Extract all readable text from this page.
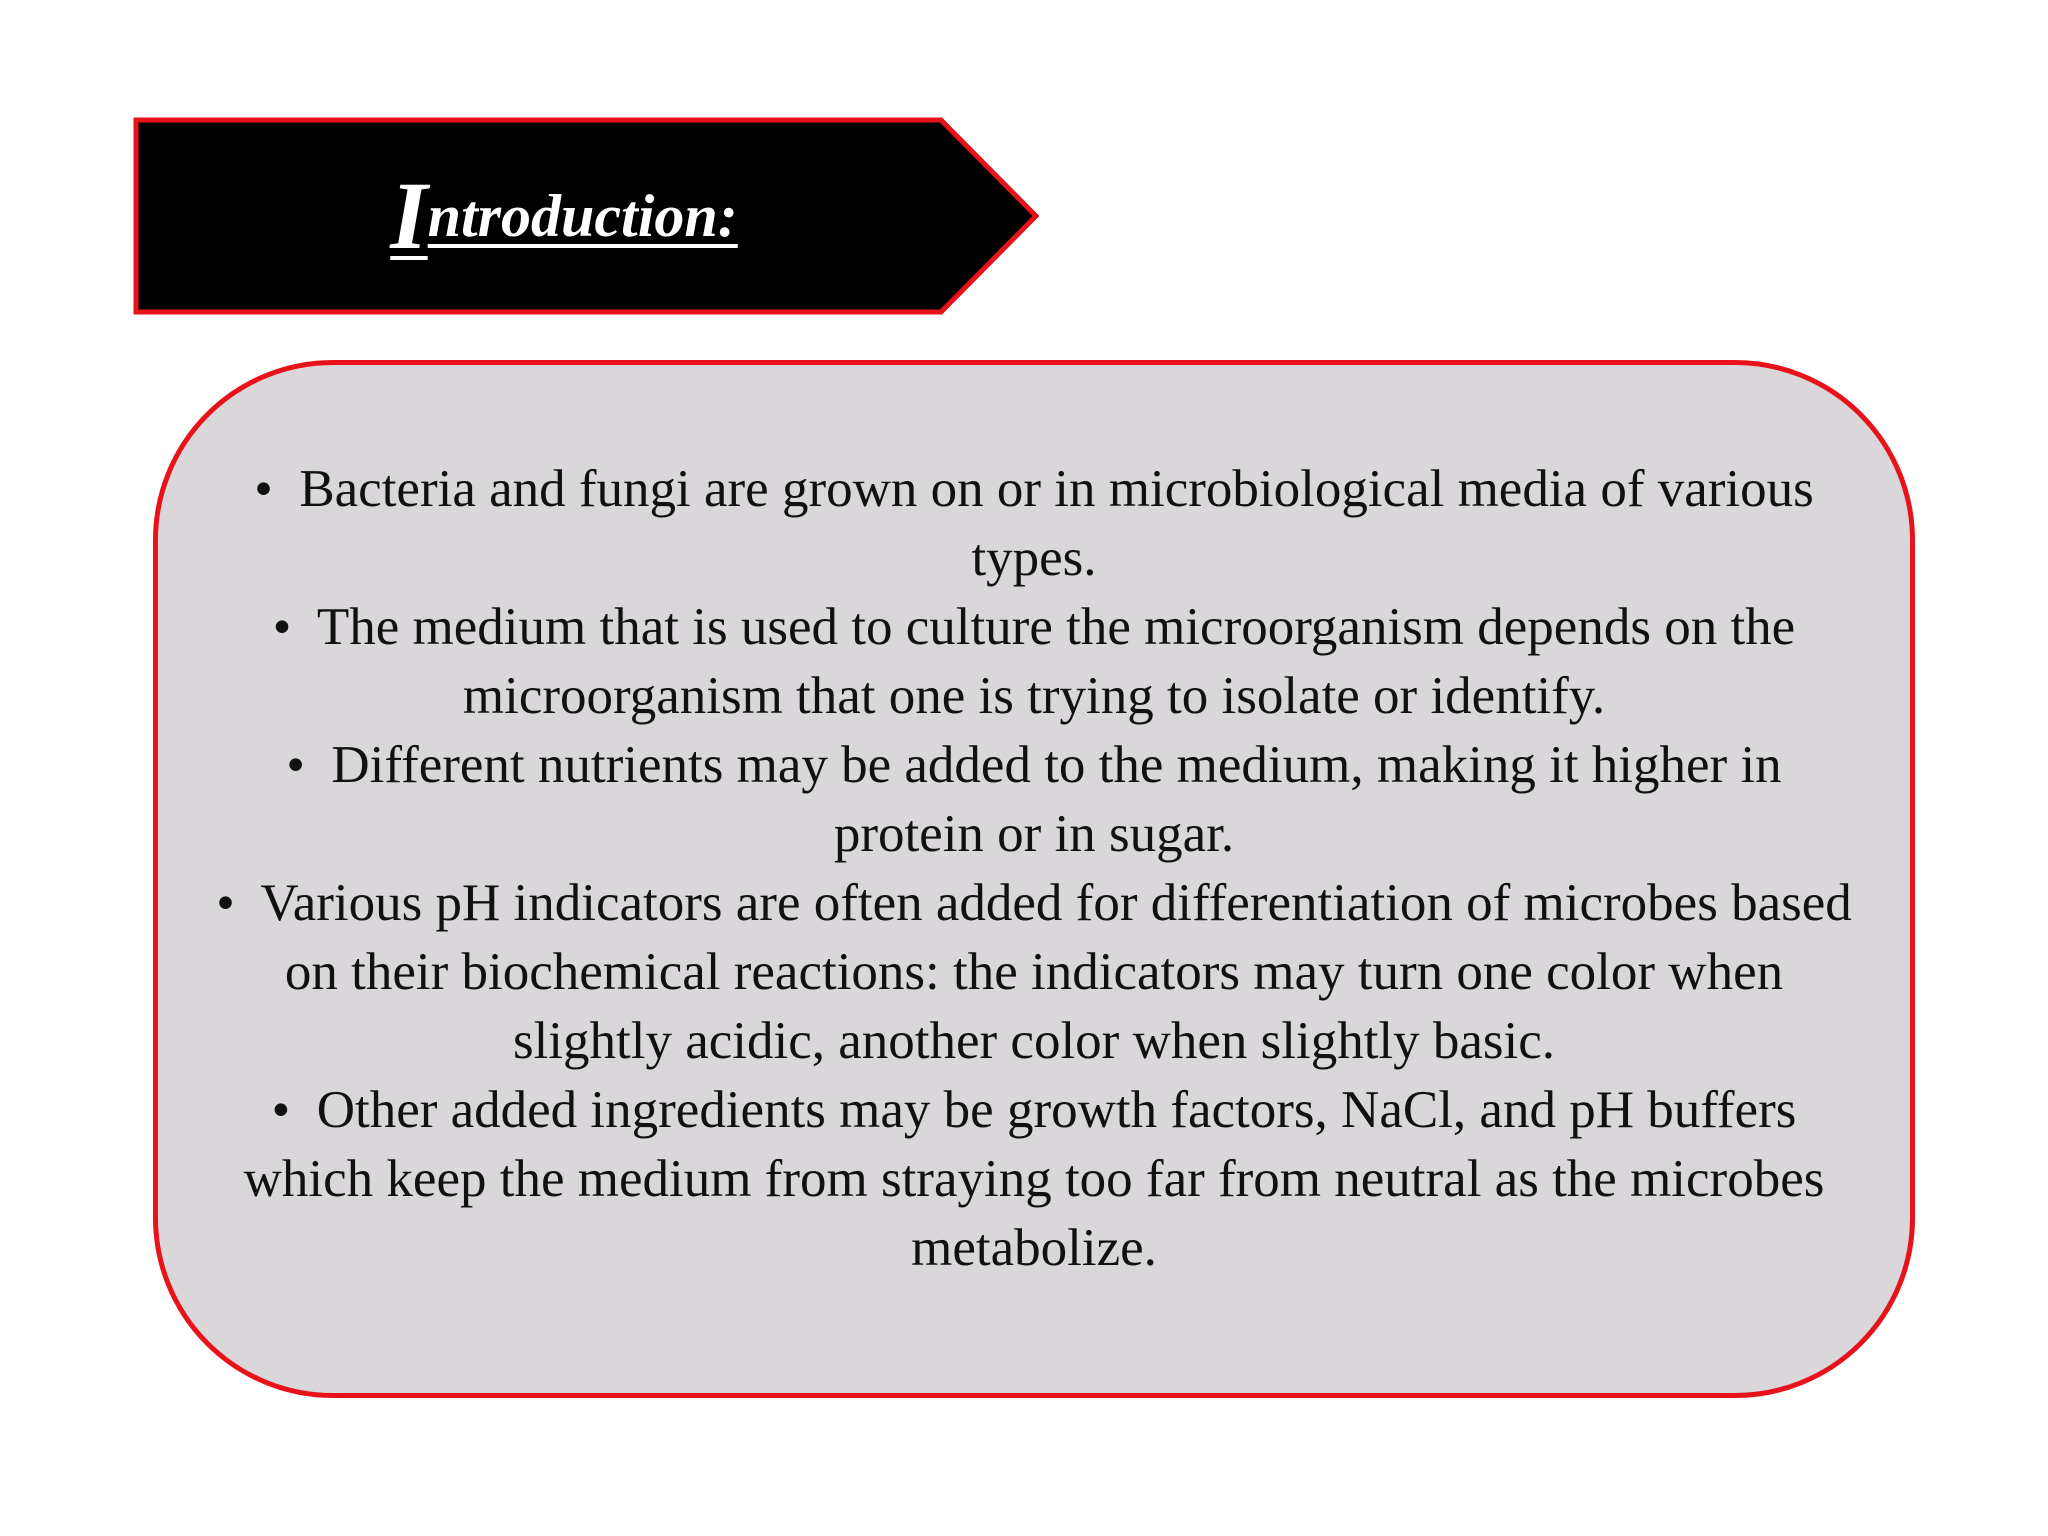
I ntroduction:
• Bacteria and fungi are grown on or in microbiological media of various types.
• The medium that is used to culture the microorganism depends on the microorganism that one is trying to isolate or identify.
• Different nutrients may be added to the medium, making it higher in protein or in sugar.
• Various pH indicators are often added for differentiation of microbes based on their biochemical reactions: the indicators may turn one color when slightly acidic, another color when slightly basic.
• Other added ingredients may be growth factors, NaCl, and pH buffers which keep the medium from straying too far from neutral as the microbes metabolize.
